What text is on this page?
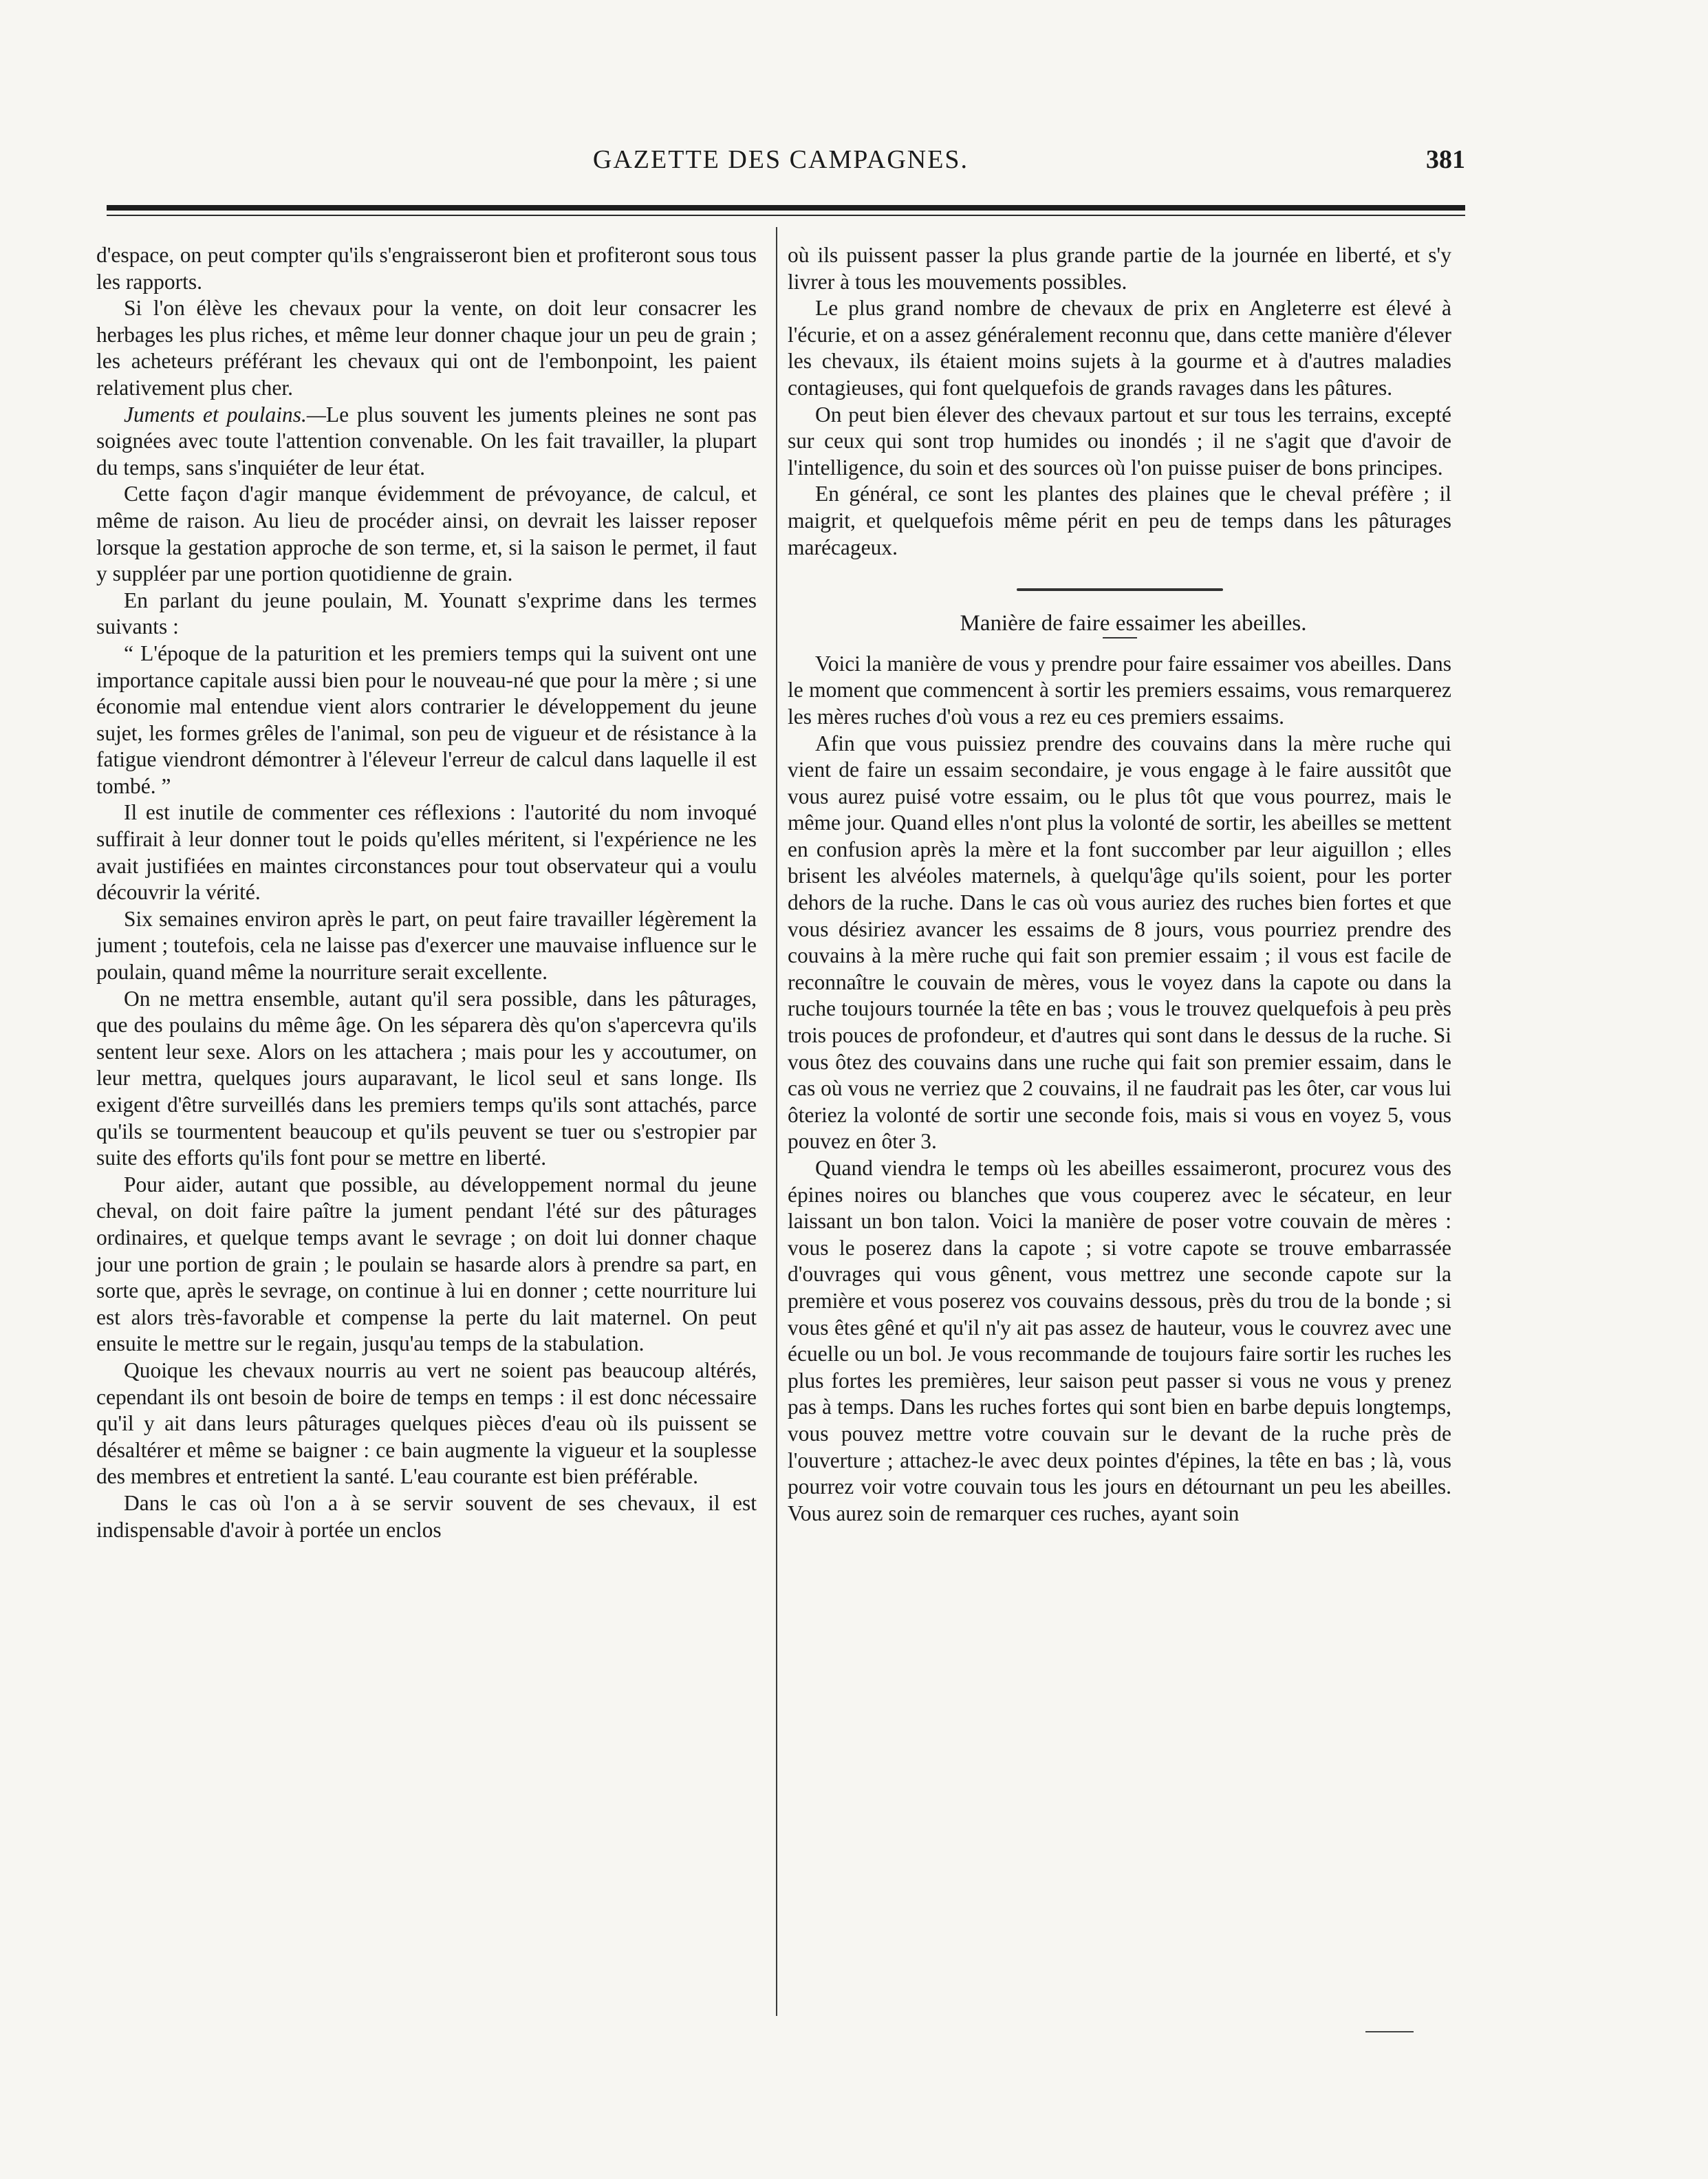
GAZETTE DES CAMPAGNES.	381

d'espace, on peut compter qu'ils s'engraisseront bien et profiteront sous tous les rapports.

Si l'on élève les chevaux pour la vente, on doit leur consacrer les herbages les plus riches, et même leur donner chaque jour un peu de grain ; les acheteurs préférant les chevaux qui ont de l'embonpoint, les paient relativement plus cher.

Juments et poulains.—Le plus souvent les juments pleines ne sont pas soignées avec toute l'attention convenable. On les fait travailler, la plupart du temps, sans s'inquiéter de leur état.

Cette façon d'agir manque évidemment de prévoyance, de calcul, et même de raison. Au lieu de procéder ainsi, on devrait les laisser reposer lorsque la gestation approche de son terme, et, si la saison le permet, il faut y suppléer par une portion quotidienne de grain.

En parlant du jeune poulain, M. Younatt s'exprime dans les termes suivants :

“ L'époque de la paturition et les premiers temps qui la suivent ont une importance capitale aussi bien pour le nouveau-né que pour la mère ; si une économie mal entendue vient alors contrarier le développement du jeune sujet, les formes grêles de l'animal, son peu de vigueur et de résistance à la fatigue viendront démontrer à l'éleveur l'erreur de calcul dans laquelle il est tombé. ”

Il est inutile de commenter ces réflexions : l'autorité du nom invoqué suffirait à leur donner tout le poids qu'elles méritent, si l'expérience ne les avait justifiées en maintes circonstances pour tout observateur qui a voulu découvrir la vérité.

Six semaines environ après le part, on peut faire travailler légèrement la jument ; toutefois, cela ne laisse pas d'exercer une mauvaise influence sur le poulain, quand même la nourriture serait excellente.

On ne mettra ensemble, autant qu'il sera possible, dans les pâturages, que des poulains du même âge. On les séparera dès qu'on s'apercevra qu'ils sentent leur sexe. Alors on les attachera ; mais pour les y accoutumer, on leur mettra, quelques jours auparavant, le licol seul et sans longe. Ils exigent d'être surveillés dans les premiers temps qu'ils sont attachés, parce qu'ils se tourmentent beaucoup et qu'ils peuvent se tuer ou s'estropier par suite des efforts qu'ils font pour se mettre en liberté.

Pour aider, autant que possible, au développement normal du jeune cheval, on doit faire paître la jument pendant l'été sur des pâturages ordinaires, et quelque temps avant le sevrage ; on doit lui donner chaque jour une portion de grain ; le poulain se hasarde alors à prendre sa part, en sorte que, après le sevrage, on continue à lui en donner ; cette nourriture lui est alors très-favorable et compense la perte du lait maternel. On peut ensuite le mettre sur le regain, jusqu'au temps de la stabulation.

Quoique les chevaux nourris au vert ne soient pas beaucoup altérés, cependant ils ont besoin de boire de temps en temps : il est donc nécessaire qu'il y ait dans leurs pâturages quelques pièces d'eau où ils puissent se désaltérer et même se baigner : ce bain augmente la vigueur et la souplesse des membres et entretient la santé. L'eau courante est bien préférable.

Dans le cas où l'on a à se servir souvent de ses chevaux, il est indispensable d'avoir à portée un enclos

où ils puissent passer la plus grande partie de la journée en liberté, et s'y livrer à tous les mouvements possibles.

Le plus grand nombre de chevaux de prix en Angleterre est élevé à l'écurie, et on a assez généralement reconnu que, dans cette manière d'élever les chevaux, ils étaient moins sujets à la gourme et à d'autres maladies contagieuses, qui font quelquefois de grands ravages dans les pâtures.

On peut bien élever des chevaux partout et sur tous les terrains, excepté sur ceux qui sont trop humides ou inondés ; il ne s'agit que d'avoir de l'intelligence, du soin et des sources où l'on puisse puiser de bons principes.

En général, ce sont les plantes des plaines que le cheval préfère ; il maigrit, et quelquefois même périt en peu de temps dans les pâturages marécageux.

Manière de faire essaimer les abeilles.

Voici la manière de vous y prendre pour faire essaimer vos abeilles. Dans le moment que commencent à sortir les premiers essaims, vous remarquerez les mères ruches d'où vous a rez eu ces premiers essaims.

Afin que vous puissiez prendre des couvains dans la mère ruche qui vient de faire un essaim secondaire, je vous engage à le faire aussitôt que vous aurez puisé votre essaim, ou le plus tôt que vous pourrez, mais le même jour. Quand elles n'ont plus la volonté de sortir, les abeilles se mettent en confusion après la mère et la font succomber par leur aiguillon ; elles brisent les alvéoles maternels, à quelqu'âge qu'ils soient, pour les porter dehors de la ruche. Dans le cas où vous auriez des ruches bien fortes et que vous désiriez avancer les essaims de 8 jours, vous pourriez prendre des couvains à la mère ruche qui fait son premier essaim ; il vous est facile de reconnaître le couvain de mères, vous le voyez dans la capote ou dans la ruche toujours tournée la tête en bas ; vous le trouvez quelquefois à peu près trois pouces de profondeur, et d'autres qui sont dans le dessus de la ruche. Si vous ôtez des couvains dans une ruche qui fait son premier essaim, dans le cas où vous ne verriez que 2 couvains, il ne faudrait pas les ôter, car vous lui ôteriez la volonté de sortir une seconde fois, mais si vous en voyez 5, vous pouvez en ôter 3.

Quand viendra le temps où les abeilles essaimeront, procurez vous des épines noires ou blanches que vous couperez avec le sécateur, en leur laissant un bon talon. Voici la manière de poser votre couvain de mères : vous le poserez dans la capote ; si votre capote se trouve embarrassée d'ouvrages qui vous gênent, vous mettrez une seconde capote sur la première et vous poserez vos couvains dessous, près du trou de la bonde ; si vous êtes gêné et qu'il n'y ait pas assez de hauteur, vous le couvrez avec une écuelle ou un bol. Je vous recommande de toujours faire sortir les ruches les plus fortes les premières, leur saison peut passer si vous ne vous y prenez pas à temps. Dans les ruches fortes qui sont bien en barbe depuis longtemps, vous pouvez mettre votre couvain sur le devant de la ruche près de l'ouverture ; attachez-le avec deux pointes d'épines, la tête en bas ; là, vous pourrez voir votre couvain tous les jours en détournant un peu les abeilles. Vous aurez soin de remarquer ces ruches, ayant soin
